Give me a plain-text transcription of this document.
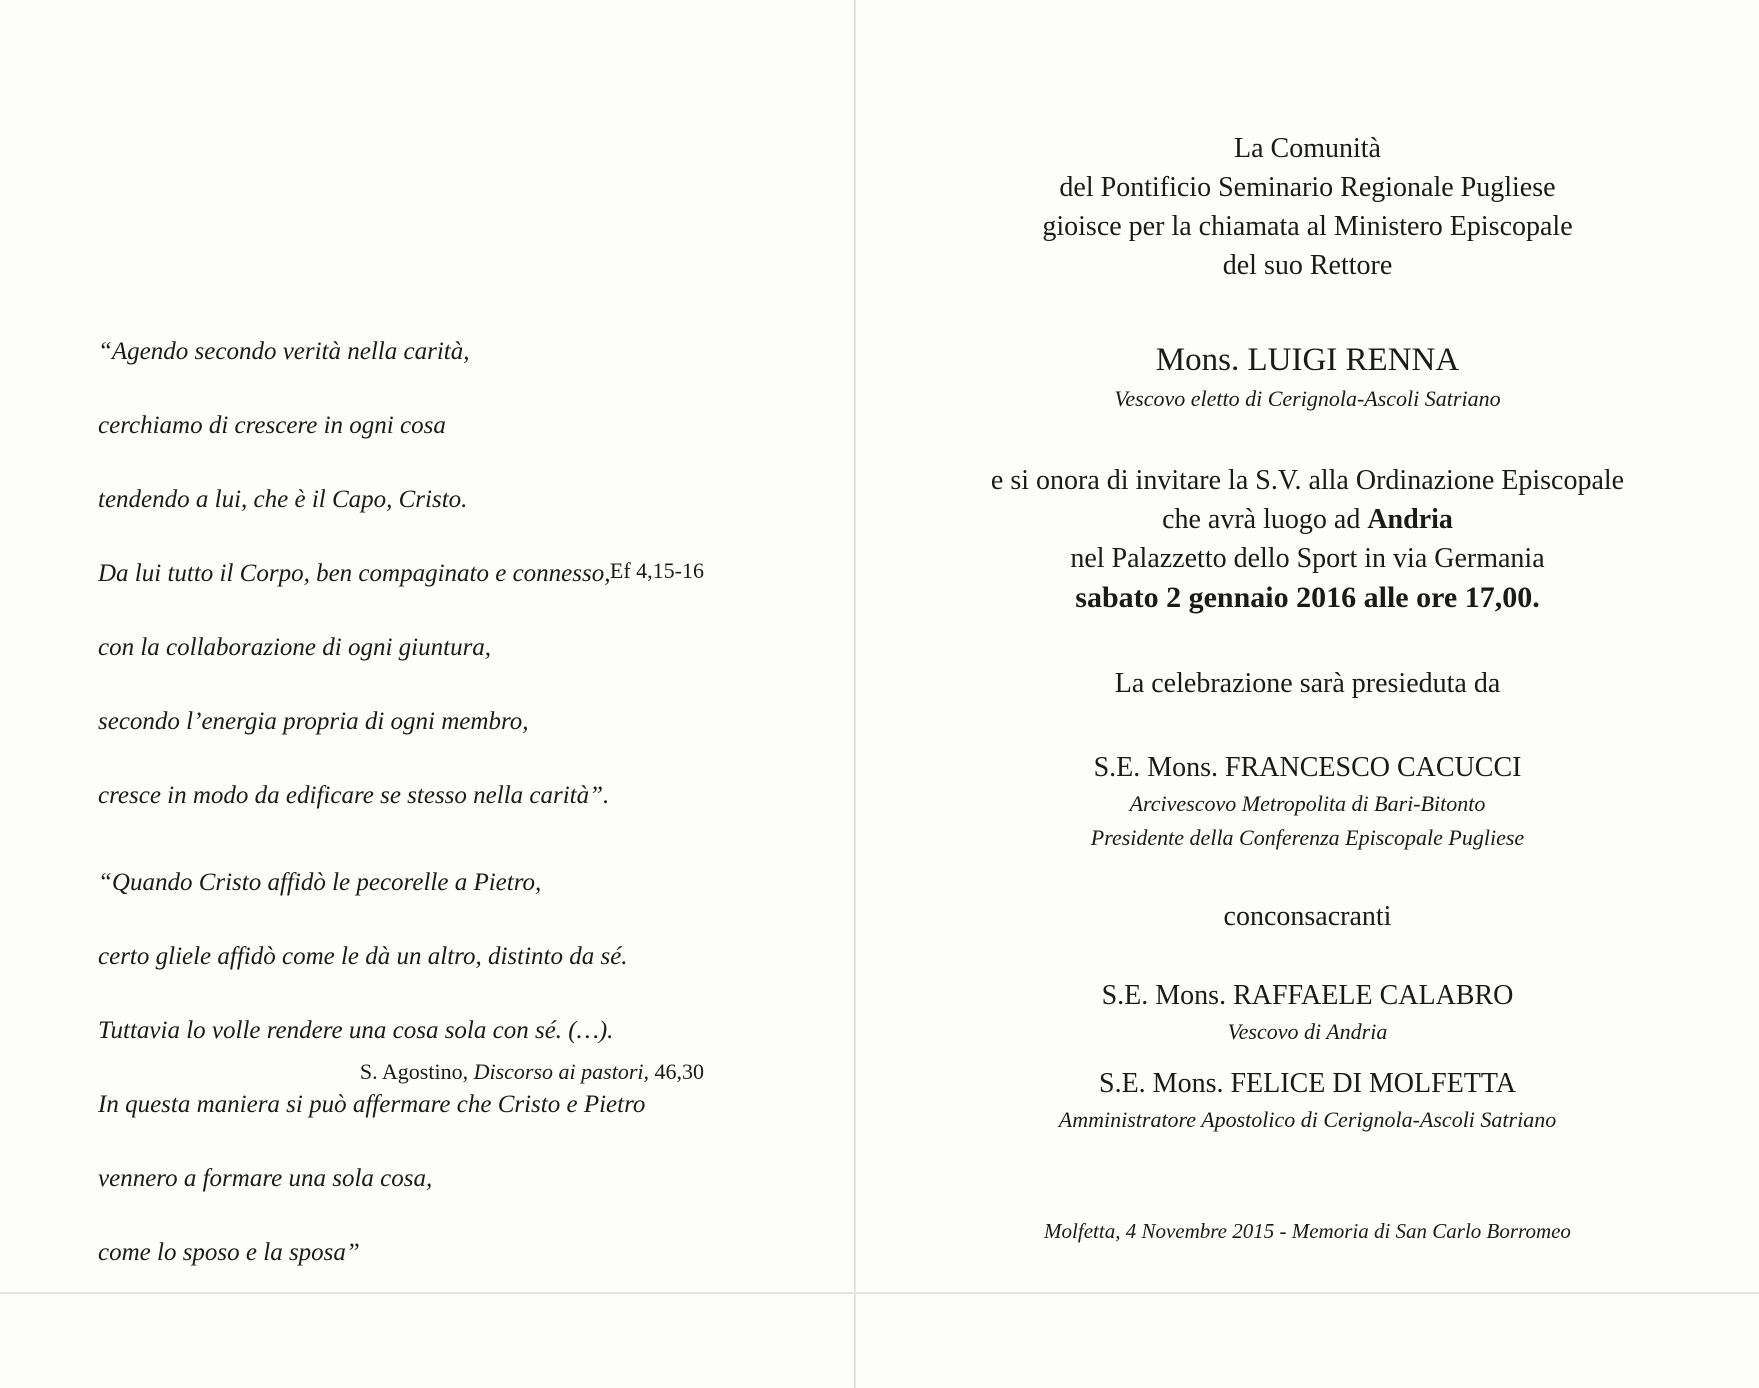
“Agendo secondo verità nella carità,

cerchiamo di crescere in ogni cosa

tendendo a lui, che è il Capo, Cristo.

Da lui tutto il Corpo, ben compaginato e connesso,

con la collaborazione di ogni giuntura,

secondo l’energia propria di ogni membro,

cresce in modo da edificare se stesso nella carità”.

Ef 4,15-16

“Quando Cristo affidò le pecorelle a Pietro,

certo gliele affidò come le dà un altro, distinto da sé.

Tuttavia lo volle rendere una cosa sola con sé. (…).

In questa maniera si può affermare che Cristo e Pietro

vennero a formare una sola cosa,

come lo sposo e la sposa”

S. Agostino, Discorso ai pastori, 46,30
La Comunità
del Pontificio Seminario Regionale Pugliese
gioisce per la chiamata al Ministero Episcopale
del suo Rettore
Mons. LUIGI RENNA
Vescovo eletto di Cerignola-Ascoli Satriano
e si onora di invitare la S.V. alla Ordinazione Episcopale
che avrà luogo ad Andria
nel Palazzetto dello Sport in via Germania
sabato 2 gennaio 2016 alle ore 17,00.
La celebrazione sarà presieduta da
S.E. Mons. FRANCESCO CACUCCI
Arcivescovo Metropolita di Bari-Bitonto
Presidente della Conferenza Episcopale Pugliese
conconsacranti
S.E. Mons. RAFFAELE CALABRO
Vescovo di Andria
S.E. Mons. FELICE DI MOLFETTA
Amministratore Apostolico di Cerignola-Ascoli Satriano
Molfetta, 4 Novembre 2015 - Memoria di San Carlo Borromeo
